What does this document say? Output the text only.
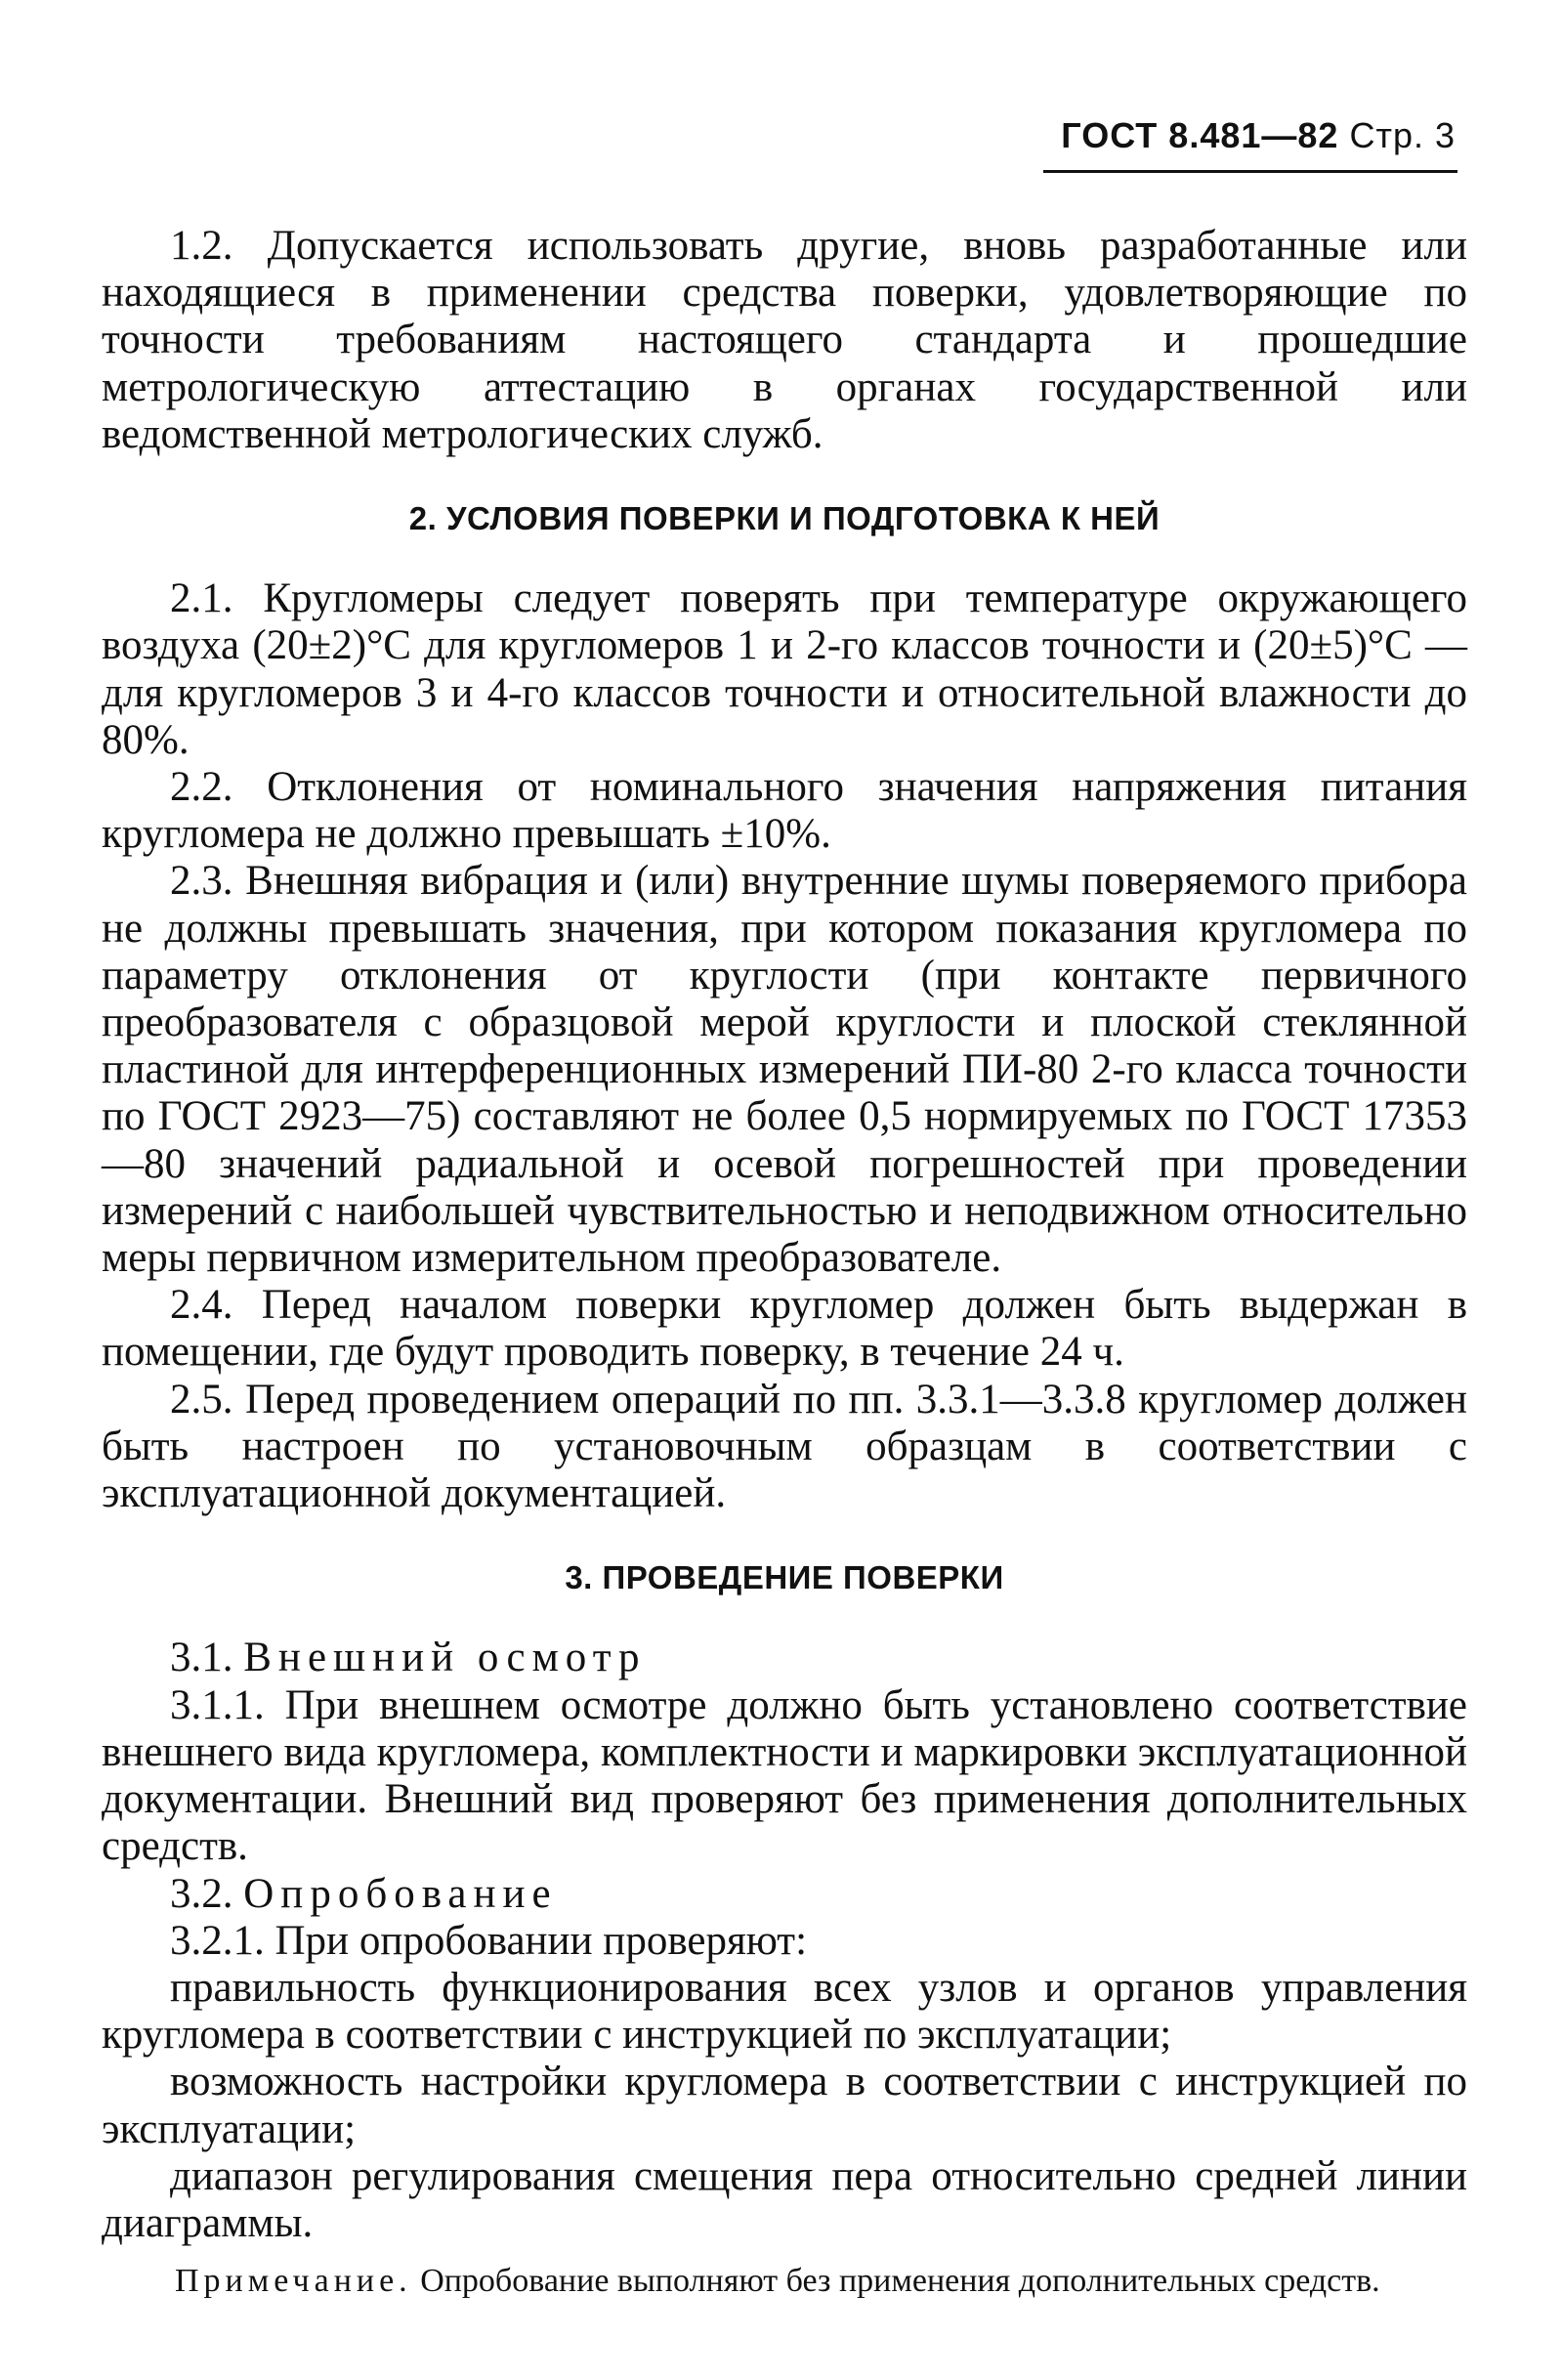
ГОСТ 8.481—82 Стр. 3

1.2. Допускается использовать другие, вновь разработанные или находящиеся в применении средства поверки, удовлетворяющие по точности требованиям настоящего стандарта и прошедшие метрологическую аттестацию в органах государственной или ведомственной метрологических служб.

2. УСЛОВИЯ ПОВЕРКИ И ПОДГОТОВКА К НЕЙ

2.1. Кругломеры следует поверять при температуре окружающего воздуха (20±2)°С для кругломеров 1 и 2-го классов точности и (20±5)°С — для кругломеров 3 и 4-го классов точности и относительной влажности до 80%.

2.2. Отклонения от номинального значения напряжения питания кругломера не должно превышать ±10%.

2.3. Внешняя вибрация и (или) внутренние шумы поверяемого прибора не должны превышать значения, при котором показания кругломера по параметру отклонения от круглости (при контакте первичного преобразователя с образцовой мерой круглости и плоской стеклянной пластиной для интерференционных измерений ПИ-80 2-го класса точности по ГОСТ 2923—75) составляют не более 0,5 нормируемых по ГОСТ 17353—80 значений радиальной и осевой погрешностей при проведении измерений с наибольшей чувствительностью и неподвижном относительно меры первичном измерительном преобразователе.

2.4. Перед началом поверки кругломер должен быть выдержан в помещении, где будут проводить поверку, в течение 24 ч.

2.5. Перед проведением операций по пп. 3.3.1—3.3.8 кругломер должен быть настроен по установочным образцам в соответствии с эксплуатационной документацией.

3. ПРОВЕДЕНИЕ ПОВЕРКИ

3.1. Внешний осмотр

3.1.1. При внешнем осмотре должно быть установлено соответствие внешнего вида кругломера, комплектности и маркировки эксплуатационной документации. Внешний вид проверяют без применения дополнительных средств.

3.2. Опробование

3.2.1. При опробовании проверяют:

правильность функционирования всех узлов и органов управления кругломера в соответствии с инструкцией по эксплуатации;

возможность настройки кругломера в соответствии с инструкцией по эксплуатации;

диапазон регулирования смещения пера относительно средней линии диаграммы.

Примечание. Опробование выполняют без применения дополнительных средств.
